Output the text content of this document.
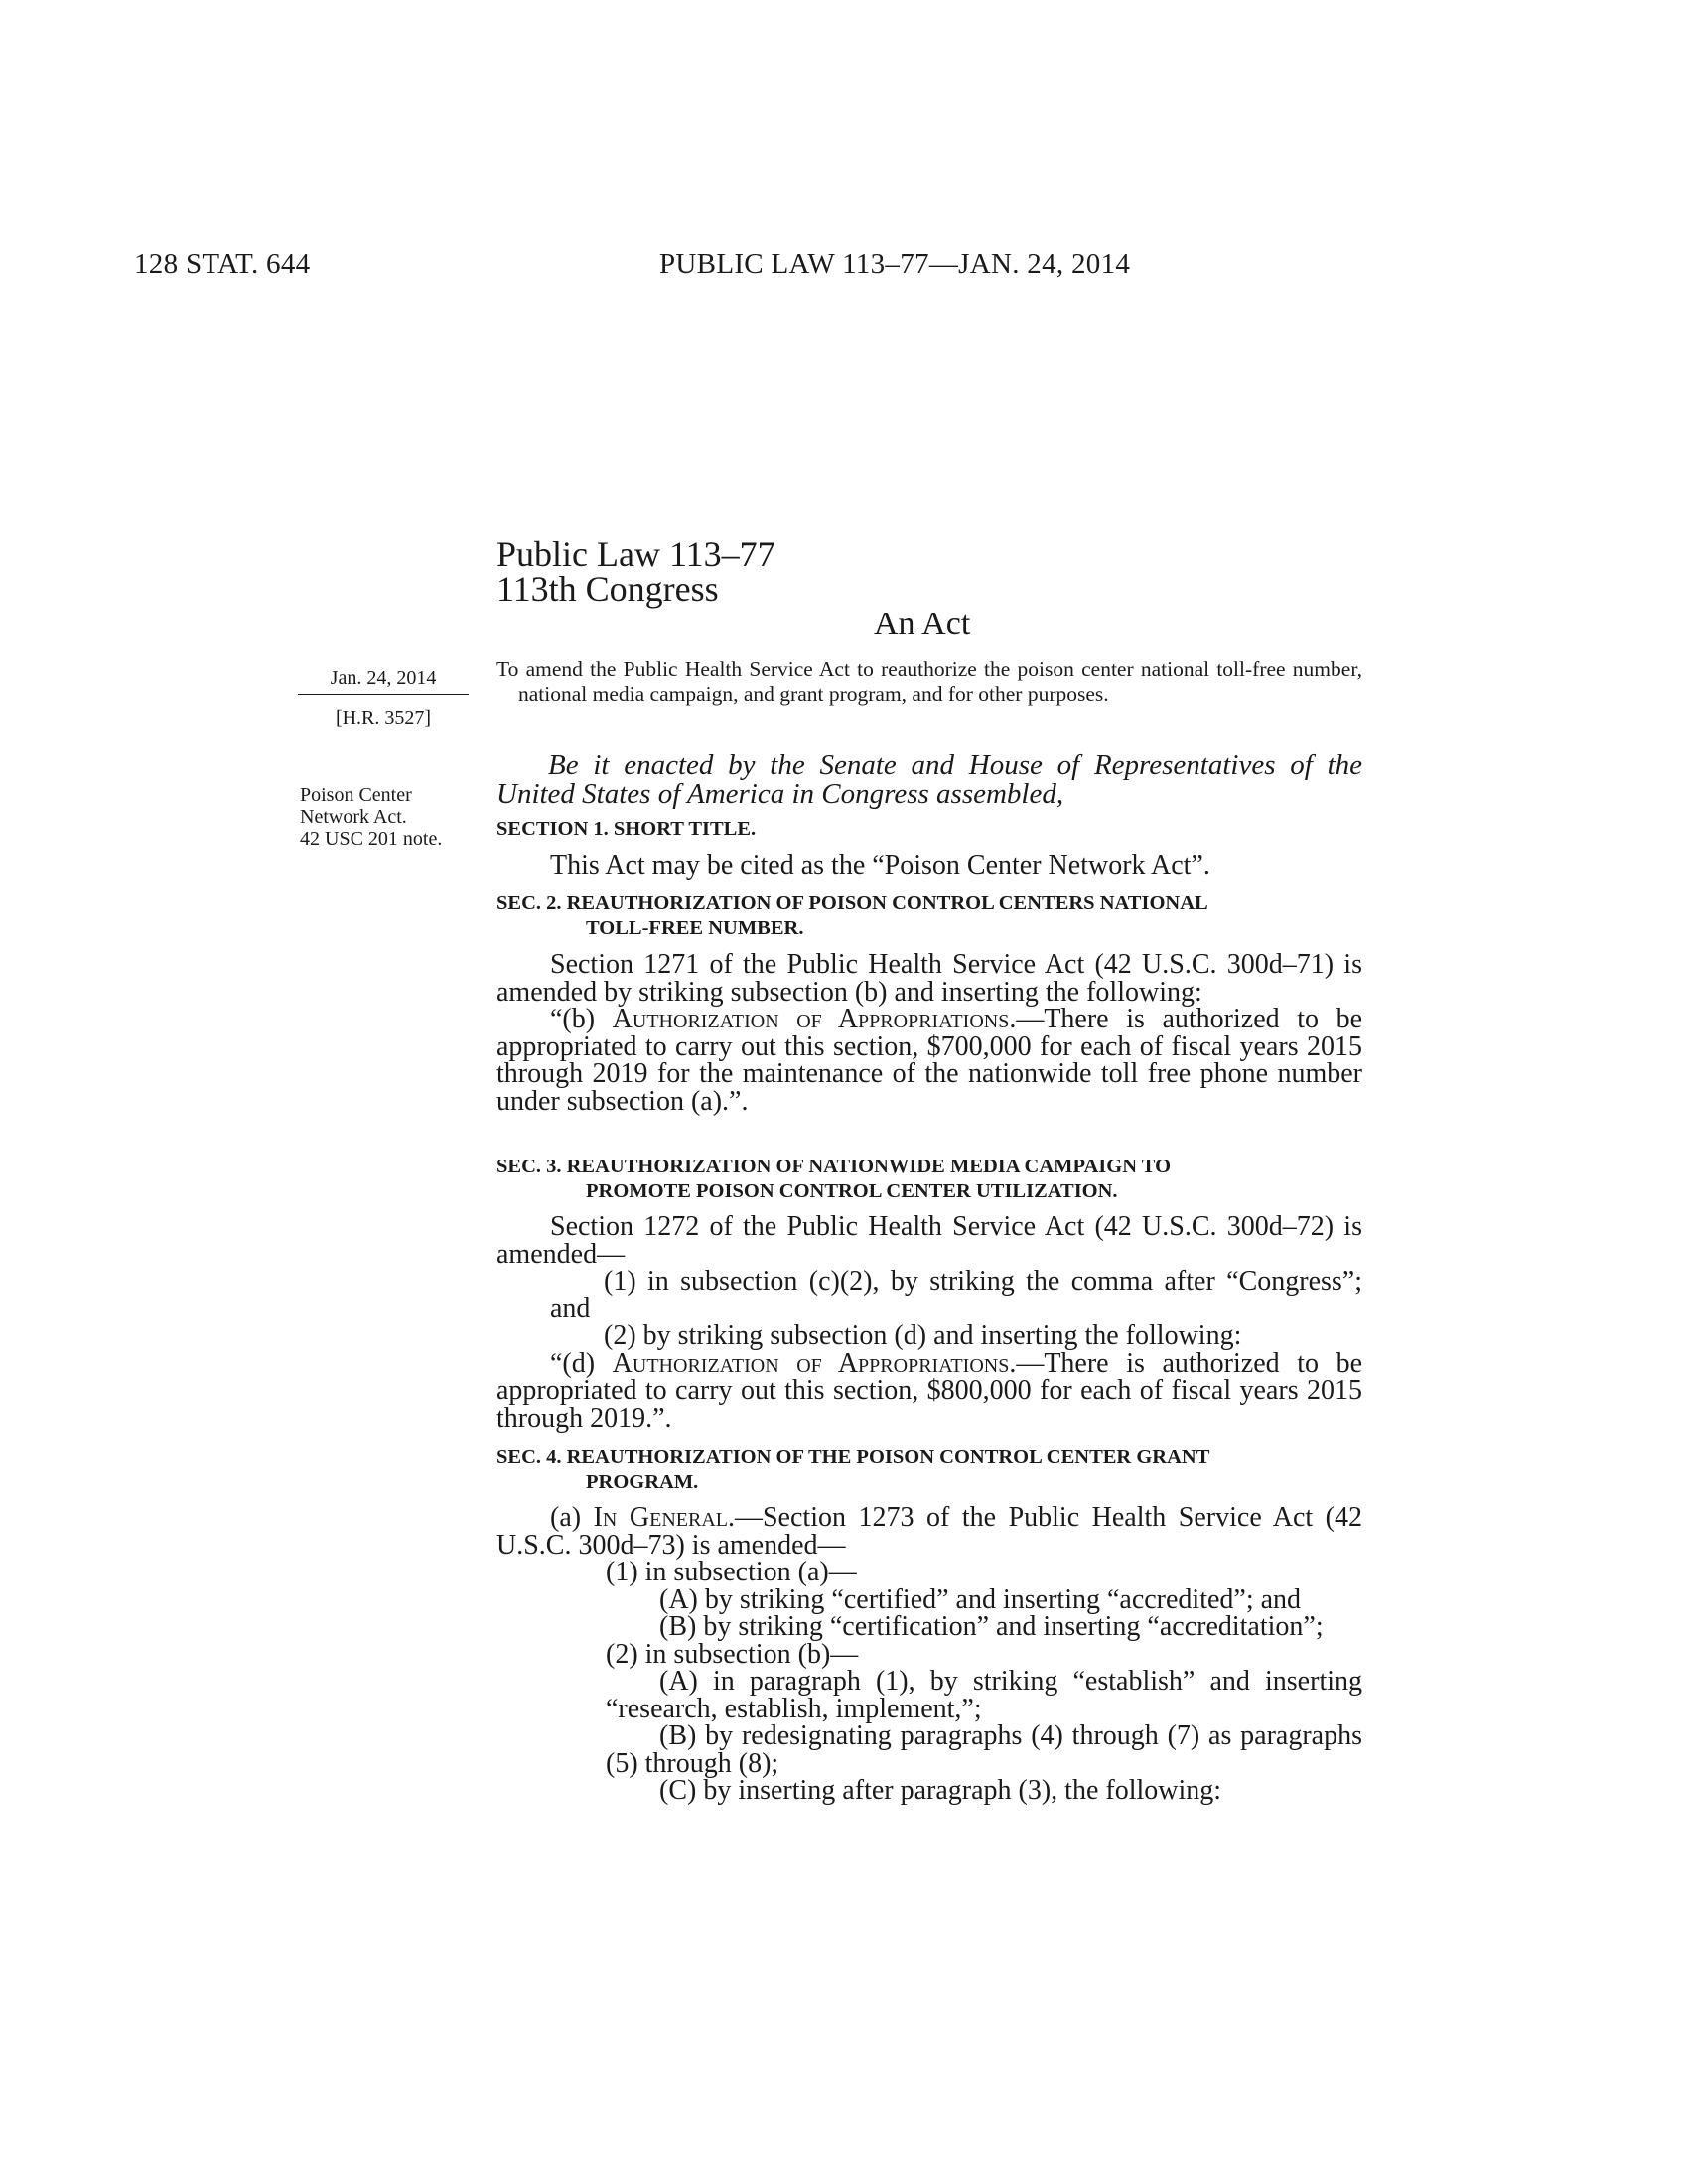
128 STAT. 644	PUBLIC LAW 113–77—JAN. 24, 2014
Public Law 113–77
113th Congress
An Act
Jan. 24, 2014
[H.R. 3527]
Poison Center
Network Act.
42 USC 201 note.
To amend the Public Health Service Act to reauthorize the poison center national toll-free number, national media campaign, and grant program, and for other purposes.
Be it enacted by the Senate and House of Representatives of the United States of America in Congress assembled,
SECTION 1. SHORT TITLE.

This Act may be cited as the “Poison Center Network Act”.

SEC. 2. REAUTHORIZATION OF POISON CONTROL CENTERS NATIONAL
TOLL-FREE NUMBER.

Section 1271 of the Public Health Service Act (42 U.S.C. 300d–71) is amended by striking subsection (b) and inserting the following:

“(b) Authorization of Appropriations.—There is authorized to be appropriated to carry out this section, $700,000 for each of fiscal years 2015 through 2019 for the maintenance of the nationwide toll free phone number under subsection (a).”.

SEC. 3. REAUTHORIZATION OF NATIONWIDE MEDIA CAMPAIGN TO
PROMOTE POISON CONTROL CENTER UTILIZATION.

Section 1272 of the Public Health Service Act (42 U.S.C. 300d–72) is amended—

(1) in subsection (c)(2), by striking the comma after “Congress”; and

(2) by striking subsection (d) and inserting the following:

“(d) Authorization of Appropriations.—There is authorized to be appropriated to carry out this section, $800,000 for each of fiscal years 2015 through 2019.”.

SEC. 4. REAUTHORIZATION OF THE POISON CONTROL CENTER GRANT
PROGRAM.

(a) In General.—Section 1273 of the Public Health Service Act (42 U.S.C. 300d–73) is amended—

(1) in subsection (a)—

(A) by striking “certified” and inserting “accredited”; and

(B) by striking “certification” and inserting “accreditation”;

(2) in subsection (b)—

(A) in paragraph (1), by striking “establish” and inserting “research, establish, implement,”;

(B) by redesignating paragraphs (4) through (7) as paragraphs (5) through (8);

(C) by inserting after paragraph (3), the following:
